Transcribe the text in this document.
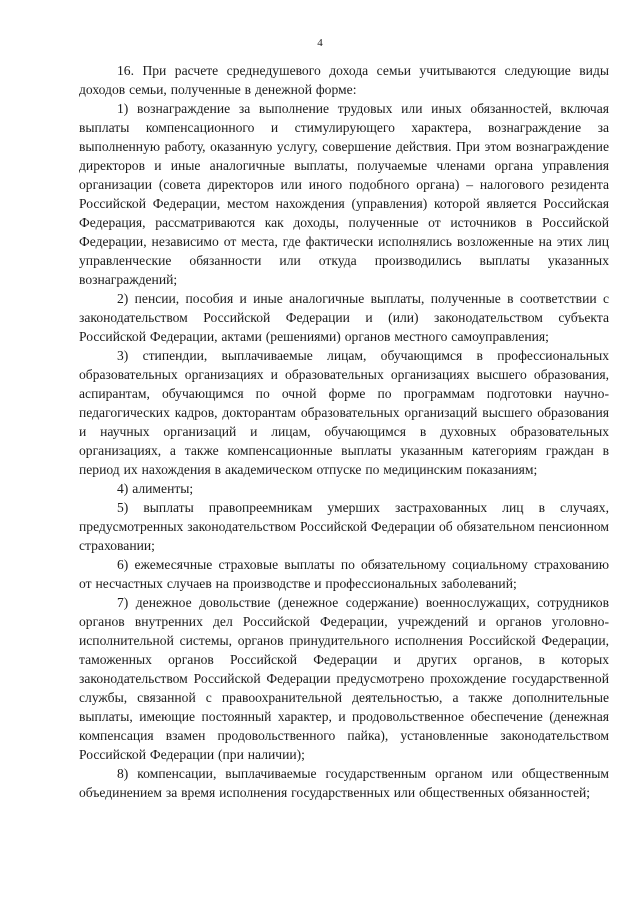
4

16. При расчете среднедушевого дохода семьи учитываются следующие виды доходов семьи, полученные в денежной форме:

1) вознаграждение за выполнение трудовых или иных обязанностей, включая выплаты компенсационного и стимулирующего характера, вознаграждение за выполненную работу, оказанную услугу, совершение действия. При этом вознаграждение директоров и иные аналогичные выплаты, получаемые членами органа управления организации (совета директоров или иного подобного органа) – налогового резидента Российской Федерации, местом нахождения (управления) которой является Российская Федерация, рассматриваются как доходы, полученные от источников в Российской Федерации, независимо от места, где фактически исполнялись возложенные на этих лиц управленческие обязанности или откуда производились выплаты указанных вознаграждений;

2) пенсии, пособия и иные аналогичные выплаты, полученные в соответствии с законодательством Российской Федерации и (или) законодательством субъекта Российской Федерации, актами (решениями) органов местного самоуправления;

3) стипендии, выплачиваемые лицам, обучающимся в профессиональных образовательных организациях и образовательных организациях высшего образования, аспирантам, обучающимся по очной форме по программам подготовки научно-педагогических кадров, докторантам образовательных организаций высшего образования и научных организаций и лицам, обучающимся в духовных образовательных организациях, а также компенсационные выплаты указанным категориям граждан в период их нахождения в академическом отпуске по медицинским показаниям;

4) алименты;

5) выплаты правопреемникам умерших застрахованных лиц в случаях, предусмотренных законодательством Российской Федерации об обязательном пенсионном страховании;

6) ежемесячные страховые выплаты по обязательному социальному страхованию от несчастных случаев на производстве и профессиональных заболеваний;

7) денежное довольствие (денежное содержание) военнослужащих, сотрудников органов внутренних дел Российской Федерации, учреждений и органов уголовно-исполнительной системы, органов принудительного исполнения Российской Федерации, таможенных органов Российской Федерации и других органов, в которых законодательством Российской Федерации предусмотрено прохождение государственной службы, связанной с правоохранительной деятельностью, а также дополнительные выплаты, имеющие постоянный характер, и продовольственное обеспечение (денежная компенсация взамен продовольственного пайка), установленные законодательством Российской Федерации (при наличии);

8) компенсации, выплачиваемые государственным органом или общественным объединением за время исполнения государственных или общественных обязанностей;
